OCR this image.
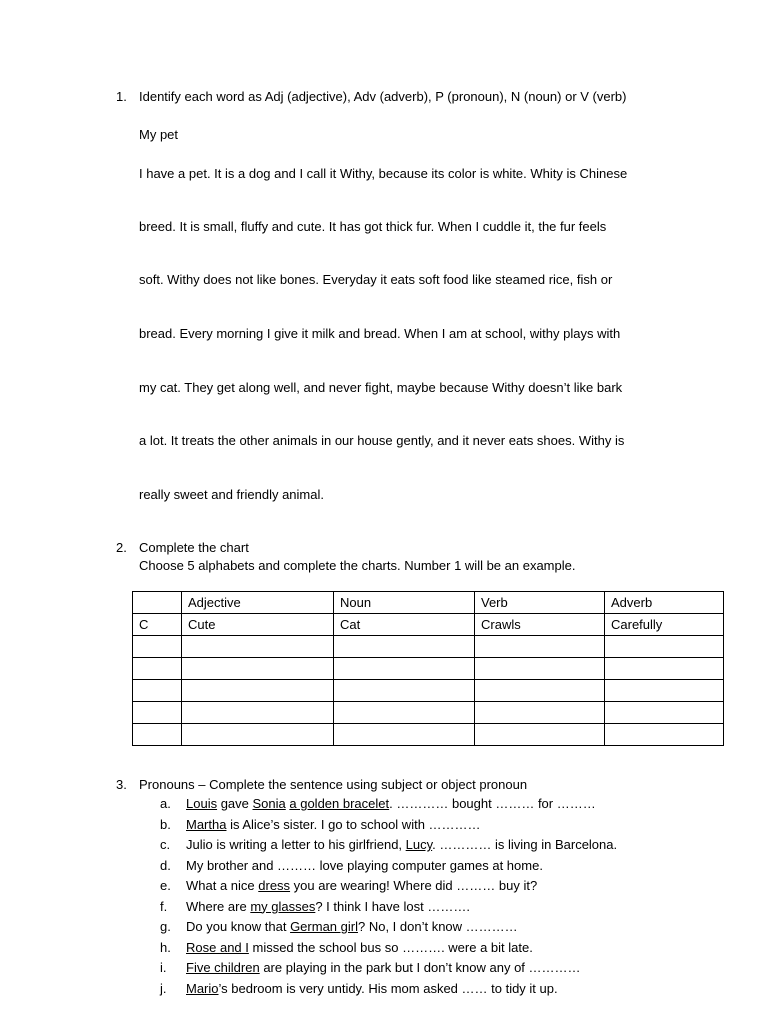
1. Identify each word as Adj (adjective), Adv (adverb), P (pronoun), N (noun) or V (verb)
My pet
I have a pet. It is a dog and I call it Withy, because its color is white. Whity is Chinese
breed. It is small, fluffy and cute. It has got thick fur. When I cuddle it, the fur feels
soft. Withy does not like bones. Everyday it eats soft food like steamed rice, fish or
bread. Every morning I give it milk and bread. When I am at school, withy plays with
my cat. They get along well, and never fight, maybe because Withy doesn’t like bark
a lot. It treats the other animals in our house gently, and it never eats shoes. Withy is
really sweet and friendly animal.
2. Complete the chart
Choose 5 alphabets and complete the charts. Number 1 will be an example.
	Adjective	Noun	Verb	Adverb
C	Cute	Cat	Crawls	Carefully

3. Pronouns – Complete the sentence using subject or object pronoun
a.	Louis gave Sonia a golden bracelet. ………… bought ……… for ………
b.	Martha is Alice’s sister. I go to school with …………
c.	Julio is writing a letter to his girlfriend, Lucy. ………… is living in Barcelona.
d.	My brother and ……… love playing computer games at home.
e.	What a nice dress you are wearing! Where did ……… buy it?
f.	Where are my glasses? I think I have lost ……….
g.	Do you know that German girl? No, I don’t know …………
h.	Rose and I missed the school bus so ………. were a bit late.
i.	Five children are playing in the park but I don’t know any of …………
j.	Mario’s bedroom is very untidy. His mom asked …… to tidy it up.
